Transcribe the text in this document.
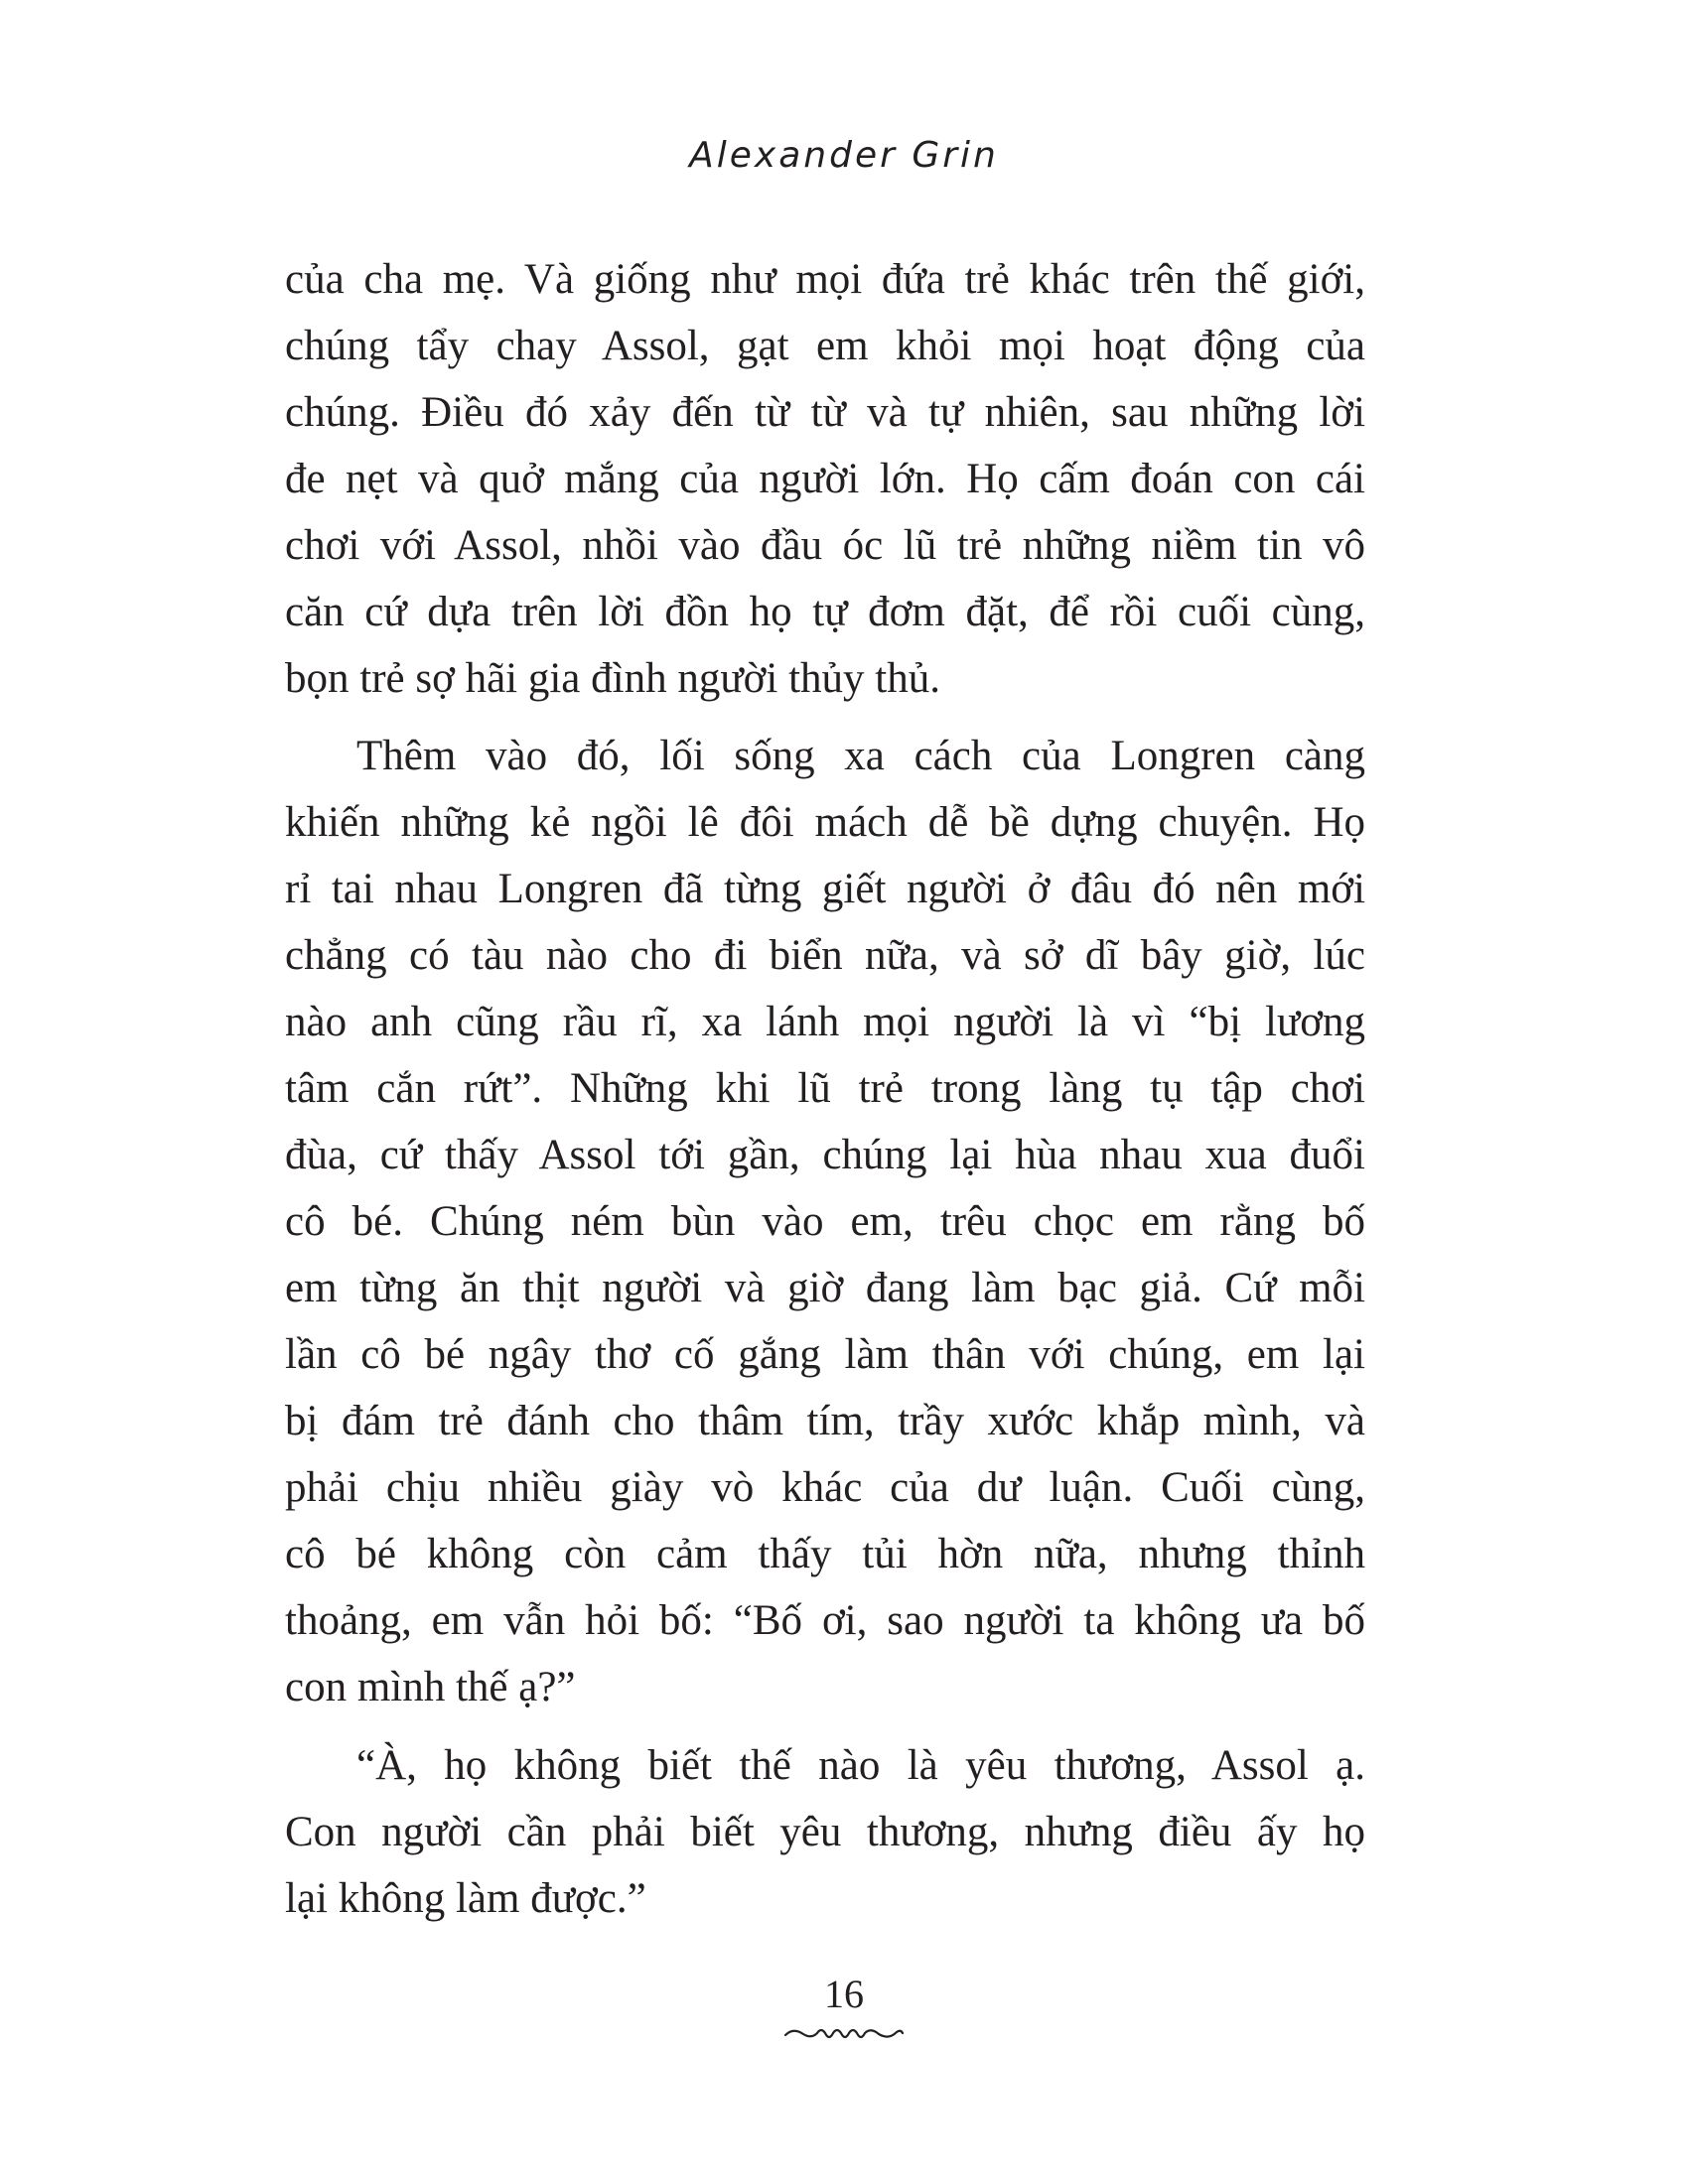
Alexander Grin
của cha mẹ. Và giống như mọi đứa trẻ khác trên thế giới,
chúng tẩy chay Assol, gạt em khỏi mọi hoạt động của
chúng. Điều đó xảy đến từ từ và tự nhiên, sau những lời
đe nẹt và quở mắng của người lớn. Họ cấm đoán con cái
chơi với Assol, nhồi vào đầu óc lũ trẻ những niềm tin vô
căn cứ dựa trên lời đồn họ tự đơm đặt, để rồi cuối cùng,
bọn trẻ sợ hãi gia đình người thủy thủ.
Thêm vào đó, lối sống xa cách của Longren càng
khiến những kẻ ngồi lê đôi mách dễ bề dựng chuyện. Họ
rỉ tai nhau Longren đã từng giết người ở đâu đó nên mới
chẳng có tàu nào cho đi biển nữa, và sở dĩ bây giờ, lúc
nào anh cũng rầu rĩ, xa lánh mọi người là vì “bị lương
tâm cắn rứt”. Những khi lũ trẻ trong làng tụ tập chơi
đùa, cứ thấy Assol tới gần, chúng lại hùa nhau xua đuổi
cô bé. Chúng ném bùn vào em, trêu chọc em rằng bố
em từng ăn thịt người và giờ đang làm bạc giả. Cứ mỗi
lần cô bé ngây thơ cố gắng làm thân với chúng, em lại
bị đám trẻ đánh cho thâm tím, trầy xước khắp mình, và
phải chịu nhiều giày vò khác của dư luận. Cuối cùng,
cô bé không còn cảm thấy tủi hờn nữa, nhưng thỉnh
thoảng, em vẫn hỏi bố: “Bố ơi, sao người ta không ưa bố
con mình thế ạ?”
“À, họ không biết thế nào là yêu thương, Assol ạ.
Con người cần phải biết yêu thương, nhưng điều ấy họ
lại không làm được.”
16
